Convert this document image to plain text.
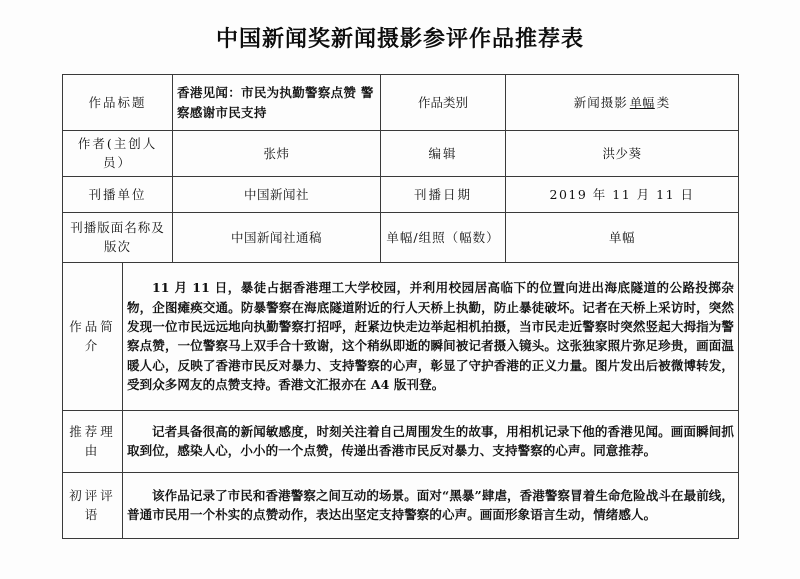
中国新闻奖新闻摄影参评作品推荐表
作品标题		香港见闻：市民为执勤警察点赞 警察感谢市民支持	作品类别	新闻摄影 单幅 类
作者(主创人员）		张炜	编辑	洪少葵
刊播单位		中国新闻社	刊播日期	2019 年 11 月 11 日
刊播版面名称及版次		中国新闻社通稿	单幅/组照（幅数）	单幅
作品简介	11 月 11 日，暴徒占据香港理工大学校园，并利用校园居高临下的位置向进出海底隧道的公路投掷杂物，企图瘫痪交通。防暴警察在海底隧道附近的行人天桥上执勤，防止暴徒破坏。记者在天桥上采访时，突然发现一位市民远远地向执勤警察打招呼，赶紧边快走边举起相机拍摄，当市民走近警察时突然竖起大拇指为警察点赞，一位警察马上双手合十致谢，这个稍纵即逝的瞬间被记者摄入镜头。这张独家照片弥足珍贵，画面温暖人心，反映了香港市民反对暴力、支持警察的心声，彰显了守护香港的正义力量。图片发出后被微博转发，受到众多网友的点赞支持。香港文汇报亦在 A4 版刊登。			
推荐理由	记者具备很高的新闻敏感度，时刻关注着自己周围发生的故事，用相机记录下他的香港见闻。画面瞬间抓取到位，感染人心，小小的一个点赞，传递出香港市民反对暴力、支持警察的心声。同意推荐。			
初评评语	该作品记录了市民和香港警察之间互动的场景。面对“黑暴”肆虐，香港警察冒着生命危险战斗在最前线，普通市民用一个朴实的点赞动作，表达出坚定支持警察的心声。画面形象语言生动，情绪感人。			
